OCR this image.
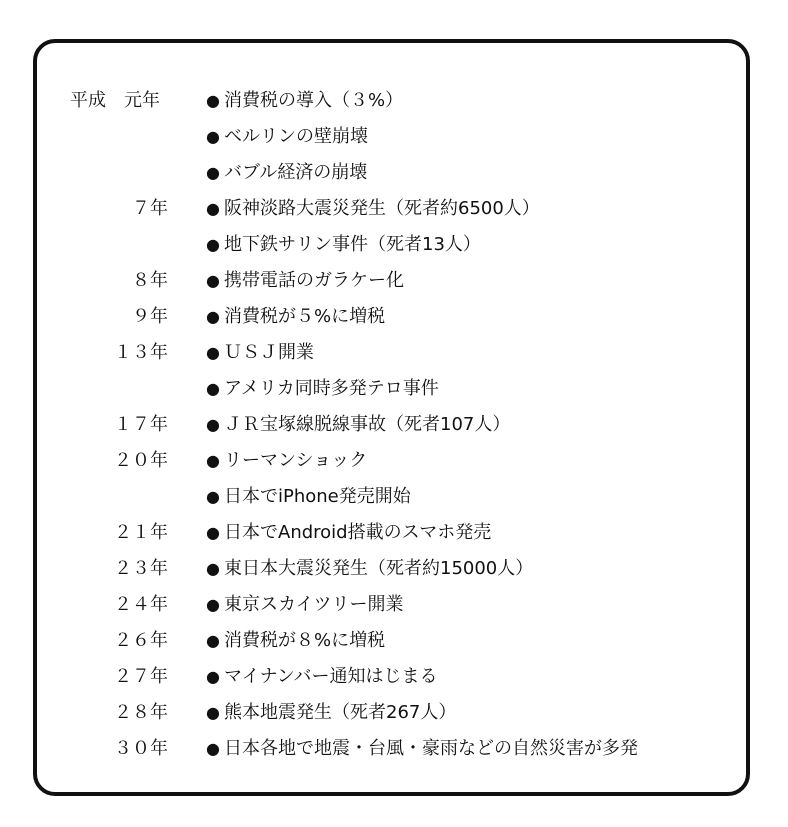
平成　元年	● 消費税の導入（３%）
● ベルリンの壁崩壊
● バブル経済の崩壊
７年 ● 阪神淡路大震災発生（死者約6500人）
● 地下鉄サリン事件（死者13人）
８年 ● 携帯電話のガラケー化
９年 ● 消費税が５%に増税
１３年 ● ＵＳＪ開業
● アメリカ同時多発テロ事件
１７年 ● ＪＲ宝塚線脱線事故（死者107人）
２０年 ● リーマンショック
● 日本でiPhone発売開始
２１年 ● 日本でAndroid搭載のスマホ発売
２３年 ● 東日本大震災発生（死者約15000人）
２４年 ● 東京スカイツリー開業
２６年 ● 消費税が８%に増税
２７年 ● マイナンバー通知はじまる
２８年 ● 熊本地震発生（死者267人）
３０年 ● 日本各地で地震・台風・豪雨などの自然災害が多発
